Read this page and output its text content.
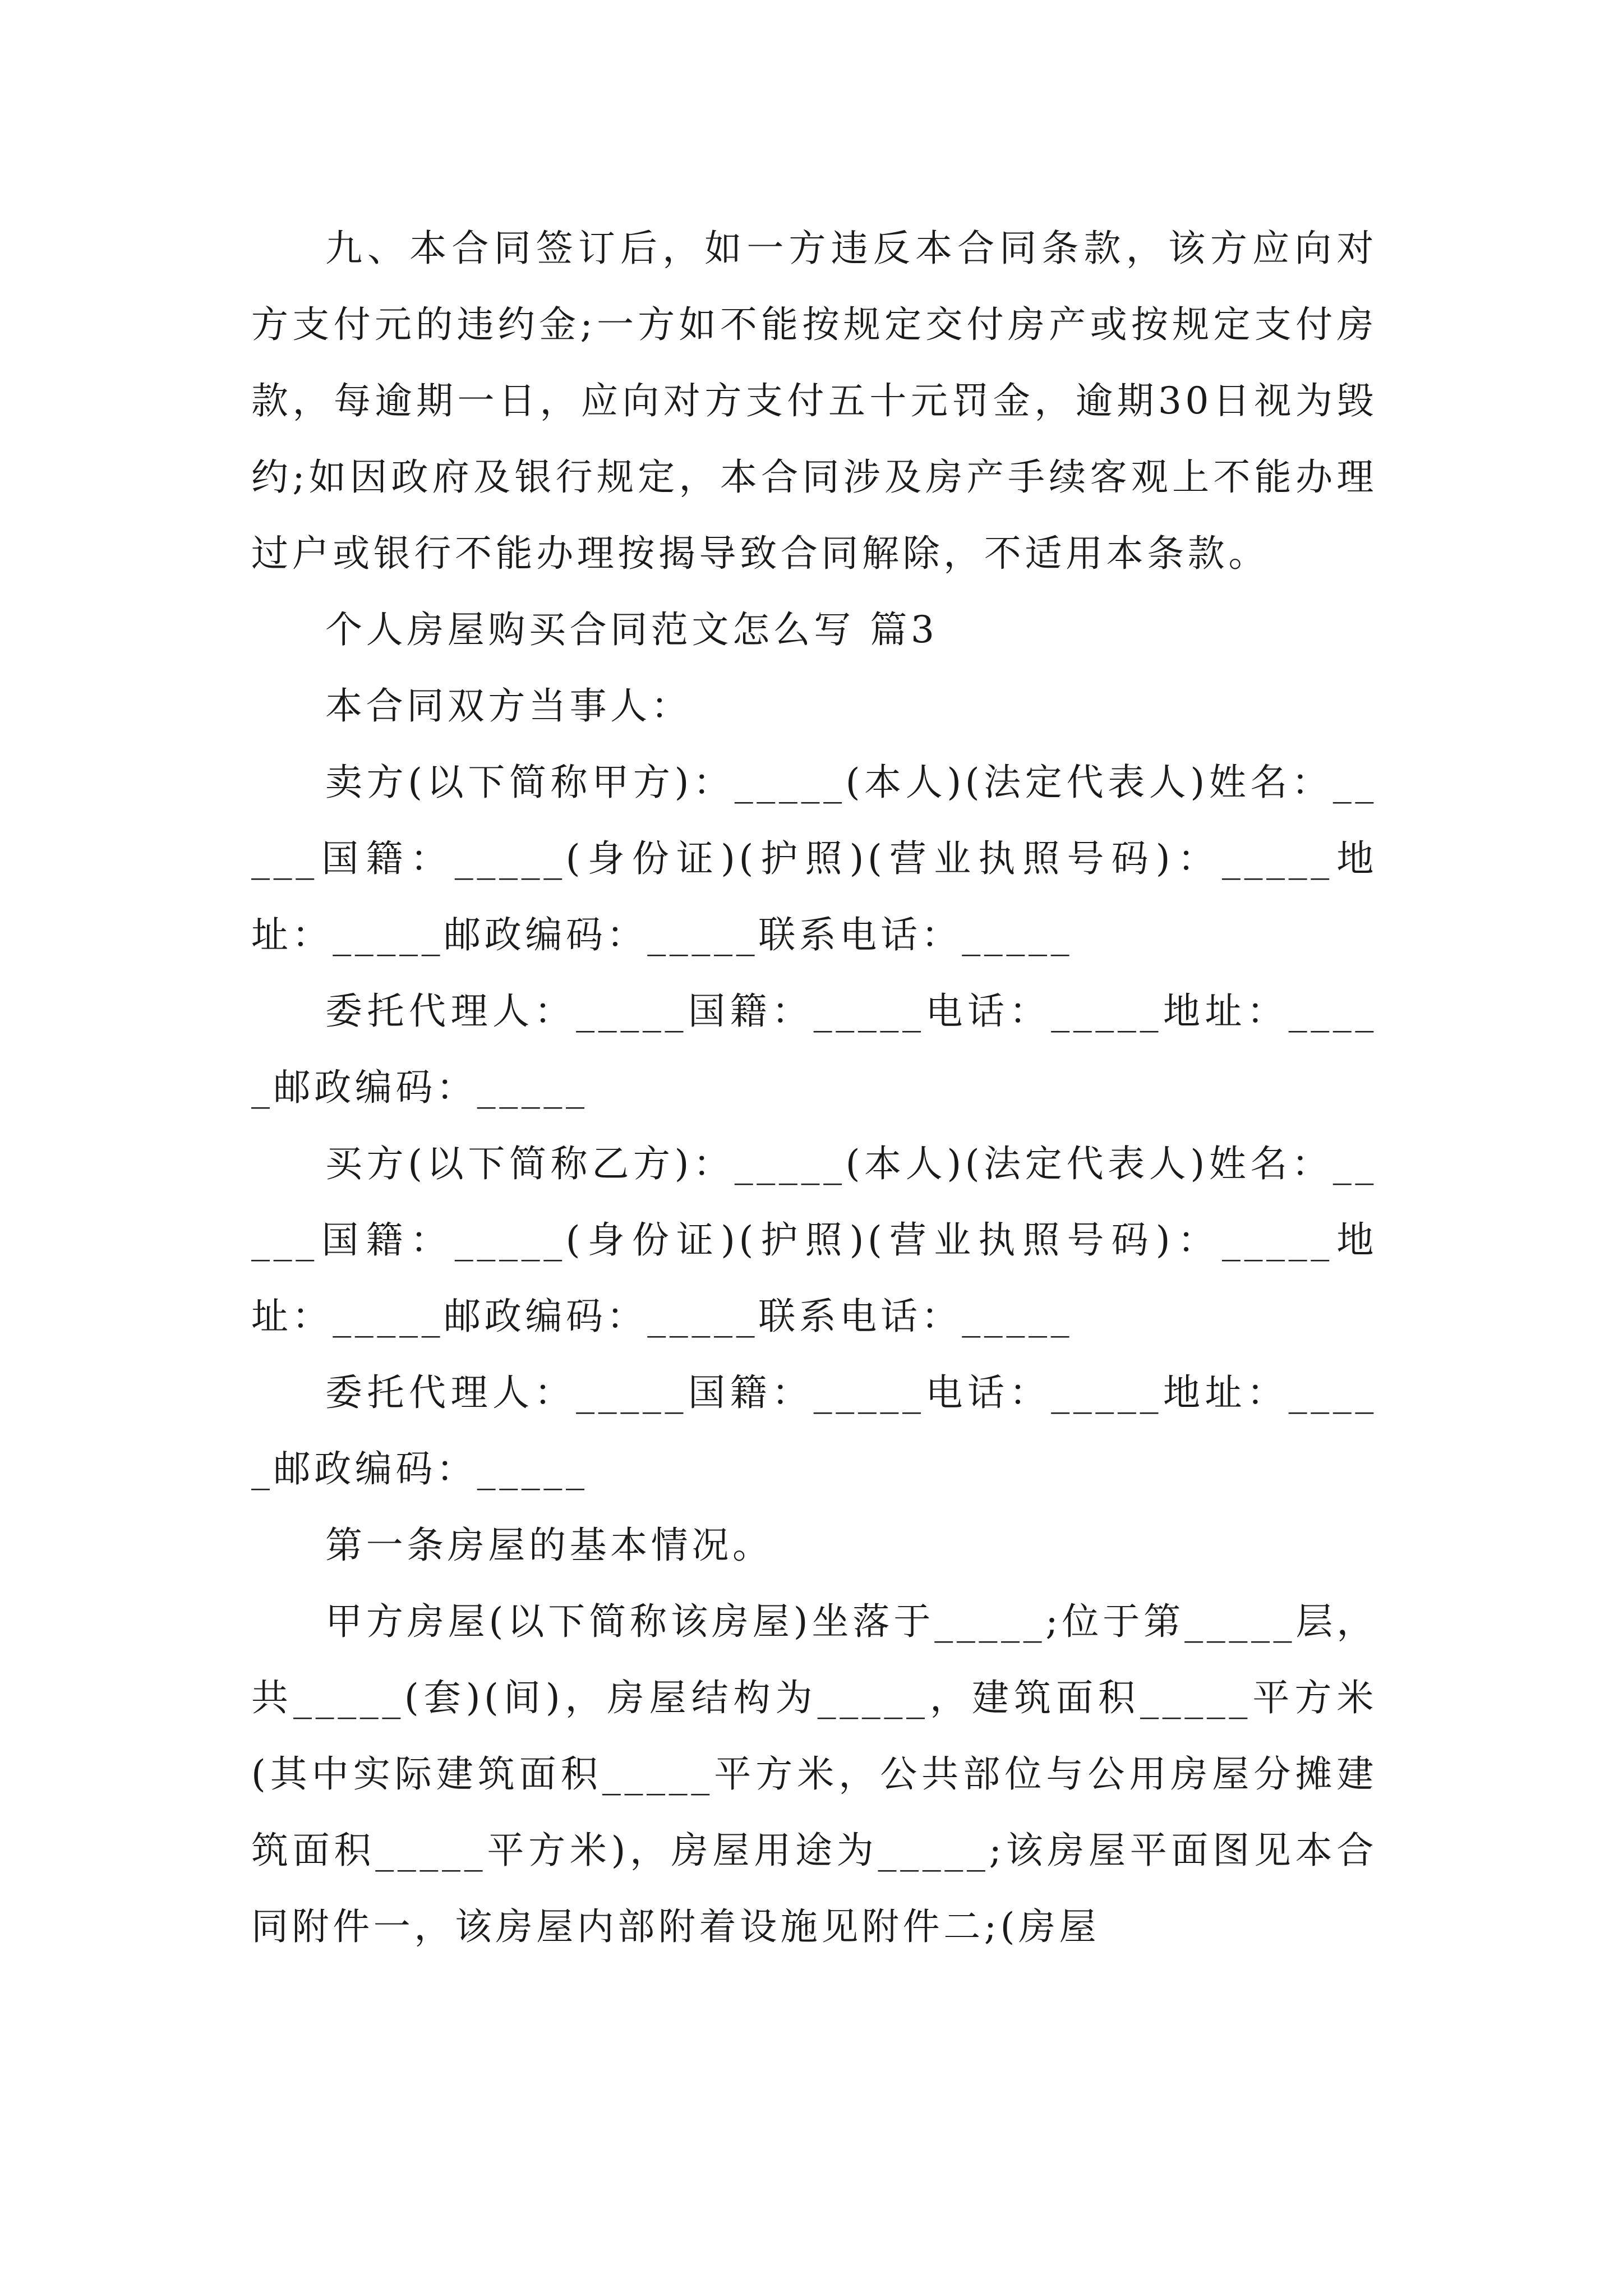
九、本合同签订后，如一方违反本合同条款，该方应向对方支付元的违约金;一方如不能按规定交付房产或按规定支付房款，每逾期一日，应向对方支付五十元罚金，逾期30日视为毁约;如因政府及银行规定，本合同涉及房产手续客观上不能办理过户或银行不能办理按揭导致合同解除，不适用本条款。

个人房屋购买合同范文怎么写 篇3

本合同双方当事人：

卖方(以下简称甲方)：_____(本人)(法定代表人)姓名：_____国籍：_____(身份证)(护照)(营业执照号码)：_____地址：_____邮政编码：_____联系电话：_____

委托代理人：_____国籍：_____电话：_____地址：_____邮政编码：_____

买方(以下简称乙方)：_____(本人)(法定代表人)姓名：_____国籍：_____(身份证)(护照)(营业执照号码)：_____地址：_____邮政编码：_____联系电话：_____

委托代理人：_____国籍：_____电话：_____地址：_____邮政编码：_____

第一条房屋的基本情况。

甲方房屋(以下简称该房屋)坐落于_____;位于第_____层，共_____(套)(间)，房屋结构为_____，建筑面积_____平方米(其中实际建筑面积_____平方米，公共部位与公用房屋分摊建筑面积_____平方米)，房屋用途为_____;该房屋平面图见本合同附件一，该房屋内部附着设施见附件二;(房屋
